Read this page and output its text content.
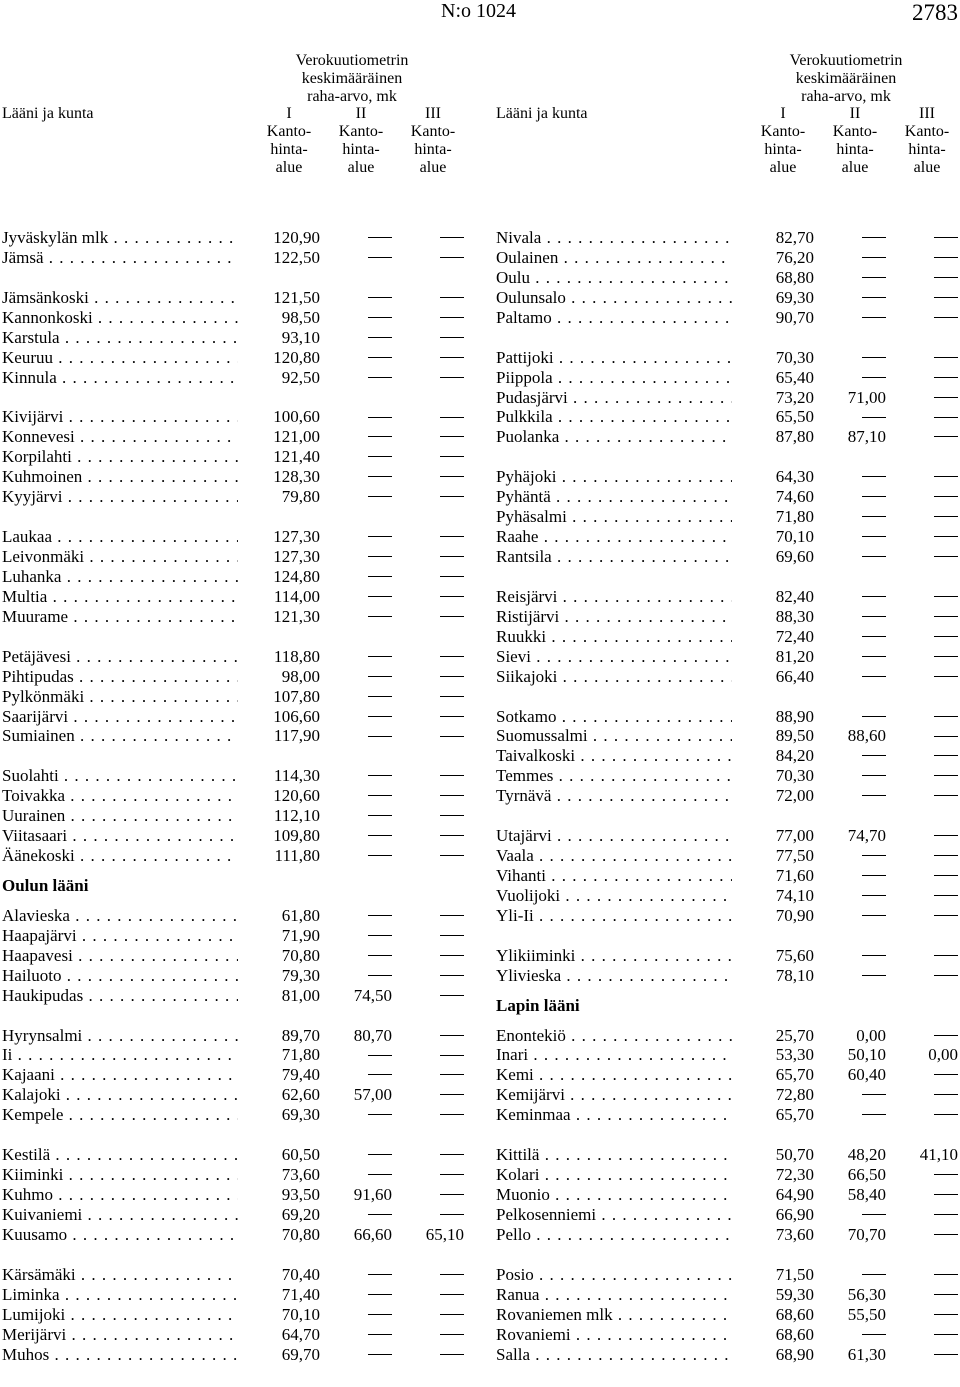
N:o 1024	2783
Lääni ja kunta
Verokuutiometrin
keskimääräinen
raha-arvo, mk
I	II	III
Kanto-
hinta-
alue
Kanto-
hinta-
alue
Kanto-
hinta-
alue
Jyväskylän mlk . . .	120,90
Jämsä . . .	122,50
Jämsänkoski . . .	121,50
Kannonkoski . . .	98,50
Karstula . . .	93,10
Keuruu . . .	120,80
Kinnula . . .	92,50
Kivijärvi . . .	100,60
Konnevesi . . .	121,00
Korpilahti . . .	121,40
Kuhmoinen . . .	128,30
Kyyjärvi . . .	79,80
Laukaa . . .	127,30
Leivonmäki . . .	127,30
Luhanka . . .	124,80
Multia . . .	114,00
Muurame . . .	121,30
Petäjävesi . . .	118,80
Pihtipudas . . .	98,00
Pylkönmäki . . .	107,80
Saarijärvi . . .	106,60
Sumiainen . . .	117,90
Suolahti . . .	114,30
Toivakka . . .	120,60
Uurainen . . .	112,10
Viitasaari . . .	109,80
Äänekoski . . .	111,80
Oulun lääni
Alavieska . . .	61,80
Haapajärvi . . .	71,90
Haapavesi . . .	70,80
Hailuoto . . .	79,30
Haukipudas . . .	81,00	74,50
Hyrynsalmi . . .	89,70	80,70
Ii . . .	71,80
Kajaani . . .	79,40
Kalajoki . . .	62,60	57,00
Kempele . . .	69,30
Kestilä . . .	60,50
Kiiminki . . .	73,60
Kuhmo . . .	93,50	91,60
Kuivaniemi . . .	69,20
Kuusamo . . .	70,80	66,60	65,10
Kärsämäki . . .	70,40
Liminka . . .	71,40
Lumijoki . . .	70,10
Merijärvi . . .	64,70
Muhos . . .	69,70
Lääni ja kunta
Verokuutiometrin
keskimääräinen
raha-arvo, mk
I	II	III
Kanto-
hinta-
alue
Kanto-
hinta-
alue
Kanto-
hinta-
alue
Nivala . . .	82,70
Oulainen . . .	76,20
Oulu . . .	68,80
Oulunsalo . . .	69,30
Paltamo . . .	90,70
Pattijoki . . .	70,30
Piippola . . .	65,40
Pudasjärvi . . .	73,20	71,00
Pulkkila . . .	65,50
Puolanka . . .	87,80	87,10
Pyhäjoki . . .	64,30
Pyhäntä . . .	74,60
Pyhäsalmi . . .	71,80
Raahe . . .	70,10
Rantsila . . .	69,60
Reisjärvi . . .	82,40
Ristijärvi . . .	88,30
Ruukki . . .	72,40
Sievi . . .	81,20
Siikajoki . . .	66,40
Sotkamo . . .	88,90
Suomussalmi . . .	89,50	88,60
Taivalkoski . . .	84,20
Temmes . . .	70,30
Tyrnävä . . .	72,00
Utajärvi . . .	77,00	74,70
Vaala . . .	77,50
Vihanti . . .	71,60
Vuolijoki . . .	74,10
Yli-Ii . . .	70,90
Ylikiiminki . . .	75,60
Ylivieska . . .	78,10
Lapin lääni
Enontekiö . . .	25,70	0,00
Inari . . .	53,30	50,10	0,00
Kemi . . .	65,70	60,40
Kemijärvi . . .	72,80
Keminmaa . . .	65,70
Kittilä . . .	50,70	48,20	41,10
Kolari . . .	72,30	66,50
Muonio . . .	64,90	58,40
Pelkosenniemi . . .	66,90
Pello . . .	73,60	70,70
Posio . . .	71,50
Ranua . . .	59,30	56,30
Rovaniemen mlk . . .	68,60	55,50
Rovaniemi . . .	68,60
Salla . . .	68,90	61,30
